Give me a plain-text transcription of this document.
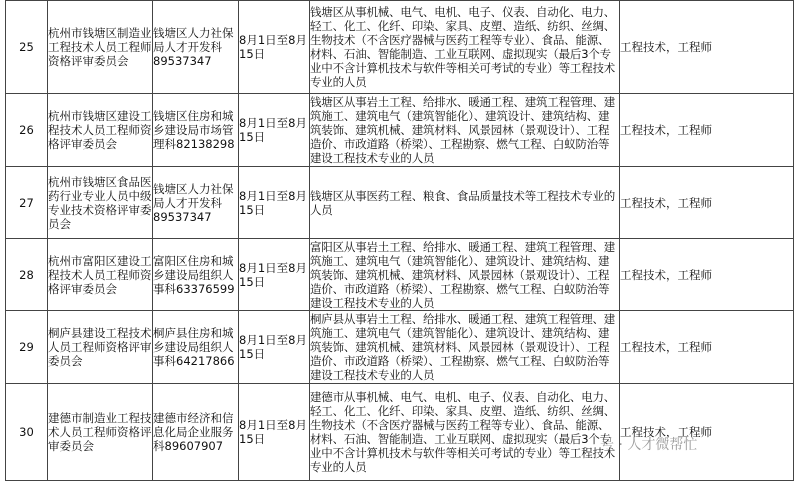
25	杭州市钱塘区制造业工程技术人员工程师资格评审委员会	钱塘区人力社保局人才开发科89537347	8月1日至8月15日	钱塘区从事机械、电气、电机、电子、仪表、自动化、电力、轻工、化工、化纤、印染、家具、皮塑、造纸、纺织、丝绸、生物技术（不含医疗器械与医药工程等专业）、食品、能源、材料、石油、智能制造、工业互联网、虚拟现实（最后3个专业中不含计算机技术与软件等相关可考试的专业）等工程技术专业的人员	工程技术，工程师
26	杭州市钱塘区建设工程技术人员工程师资格评审委员会	钱塘区住房和城乡建设局市场管理科82138298	8月1日至8月15日	钱塘区从事岩土工程、给排水、暖通工程、建筑工程管理、建筑施工、建筑电气（建筑智能化）、建筑设计、建筑结构、建筑装饰、建筑机械、建筑材料、风景园林（景观设计）、工程造价、市政道路（桥梁）、工程勘察、燃气工程、白蚁防治等建设工程技术专业的人员	工程技术，工程师
27	杭州市钱塘区食品医药行业专业人员中级专业技术资格评审委员会	钱塘区人力社保局人才开发科89537347	8月1日至8月15日	钱塘区从事医药工程、粮食、食品质量技术等工程技术专业的人员	工程技术，工程师
28	杭州市富阳区建设工程技术人员工程师资格评审委员会	富阳区住房和城乡建设局组织人事科63376599	8月1日至8月15日	富阳区从事岩土工程、给排水、暖通工程、建筑工程管理、建筑施工、建筑电气（建筑智能化）、建筑设计、建筑结构、建筑装饰、建筑机械、建筑材料、风景园林（景观设计）、工程造价、市政道路（桥梁）、工程勘察、燃气工程、白蚁防治等建设工程技术专业的人员	工程技术，工程师
29	桐庐县建设工程技术人员工程师资格评审委员会	桐庐县住房和城乡建设局组织人事科64217866	8月1日至8月15日	桐庐县从事岩土工程、给排水、暖通工程、建筑工程管理、建筑施工、建筑电气（建筑智能化）、建筑设计、建筑结构、建筑装饰、建筑机械、建筑材料、风景园林（景观设计）、工程造价、市政道路（桥梁）、工程勘察、燃气工程、白蚁防治等建设工程技术专业的人员	工程技术，工程师
30	建德市制造业工程技术人员工程师资格评审委员会	建德市经济和信息化局企业服务科89607907	8月1日至8月15日	建德市从事机械、电气、电机、电子、仪表、自动化、电力、轻工、化工、化纤、印染、家具、皮塑、造纸、纺织、丝绸、生物技术（不含医疗器械与医药工程等专业）、食品、能源、材料、石油、智能制造、工业互联网、虚拟现实（最后3个专业中不含计算机技术与软件等相关可考试的专业）等工程技术专业的人员	工程技术，工程师
号 · 人才微帮忙
